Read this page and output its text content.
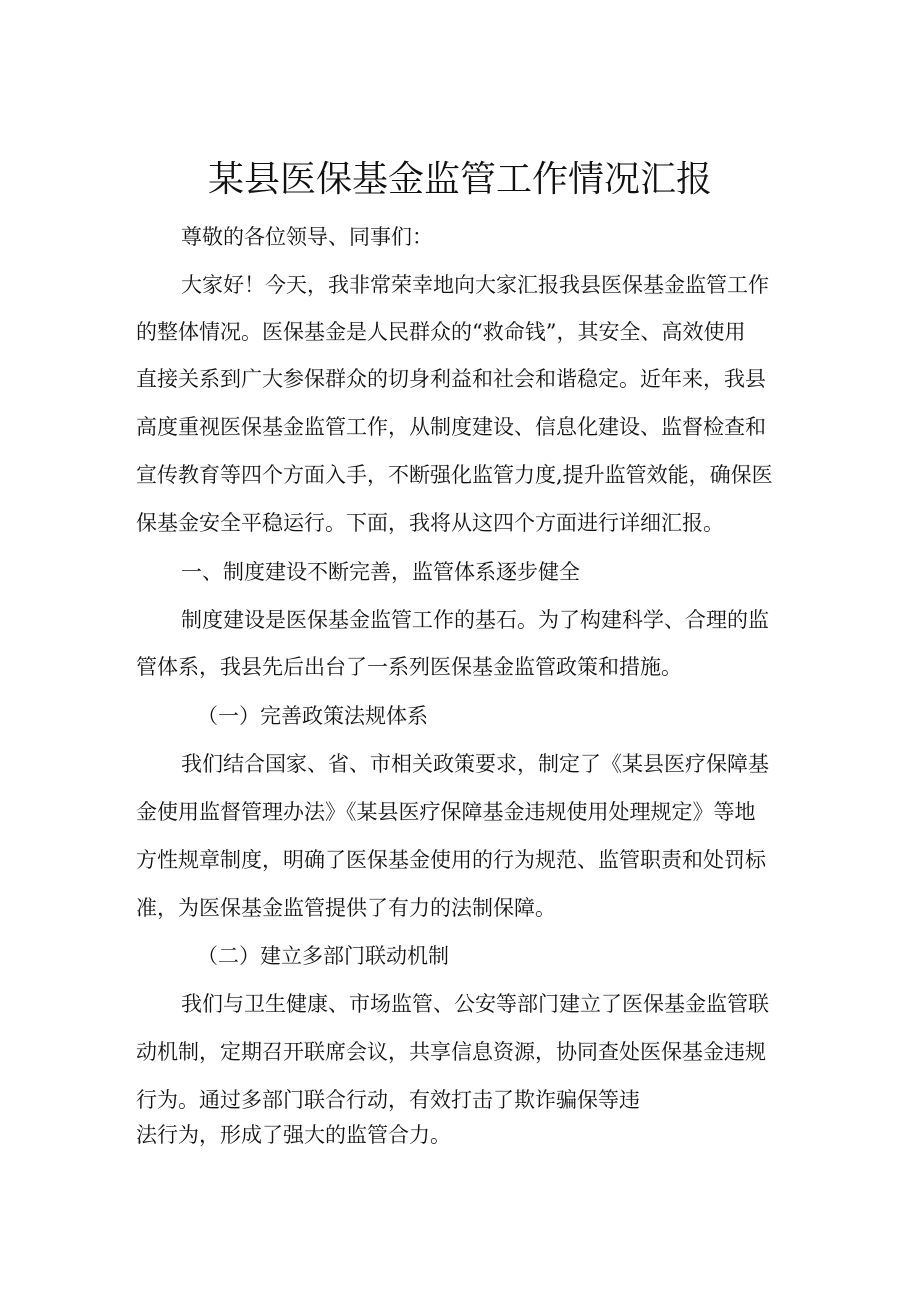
某县医保基金监管工作情况汇报

尊敬的各位领导、同事们：

大家好！今天，我非常荣幸地向大家汇报我县医保基金监管工作

的整体情况。医保基金是人民群众的“救命钱”，其安全、高效使用

直接关系到广大参保群众的切身利益和社会和谐稳定。近年来，我县

高度重视医保基金监管工作，从制度建设、信息化建设、监督检查和

宣传教育等四个方面入手，不断强化监管力度,提升监管效能，确保医

保基金安全平稳运行。下面，我将从这四个方面进行详细汇报。

一、制度建设不断完善，监管体系逐步健全

制度建设是医保基金监管工作的基石。为了构建科学、合理的监

管体系，我县先后出台了一系列医保基金监管政策和措施。

（一）完善政策法规体系

我们结合国家、省、市相关政策要求，制定了《某县医疗保障基

金使用监督管理办法》《某县医疗保障基金违规使用处理规定》等地

方性规章制度，明确了医保基金使用的行为规范、监管职责和处罚标

准，为医保基金监管提供了有力的法制保障。

（二）建立多部门联动机制

我们与卫生健康、市场监管、公安等部门建立了医保基金监管联

动机制，定期召开联席会议，共享信息资源，协同查处医保基金违规

行为。通过多部门联合行动，有效打击了欺诈骗保等违

法行为，形成了强大的监管合力。
